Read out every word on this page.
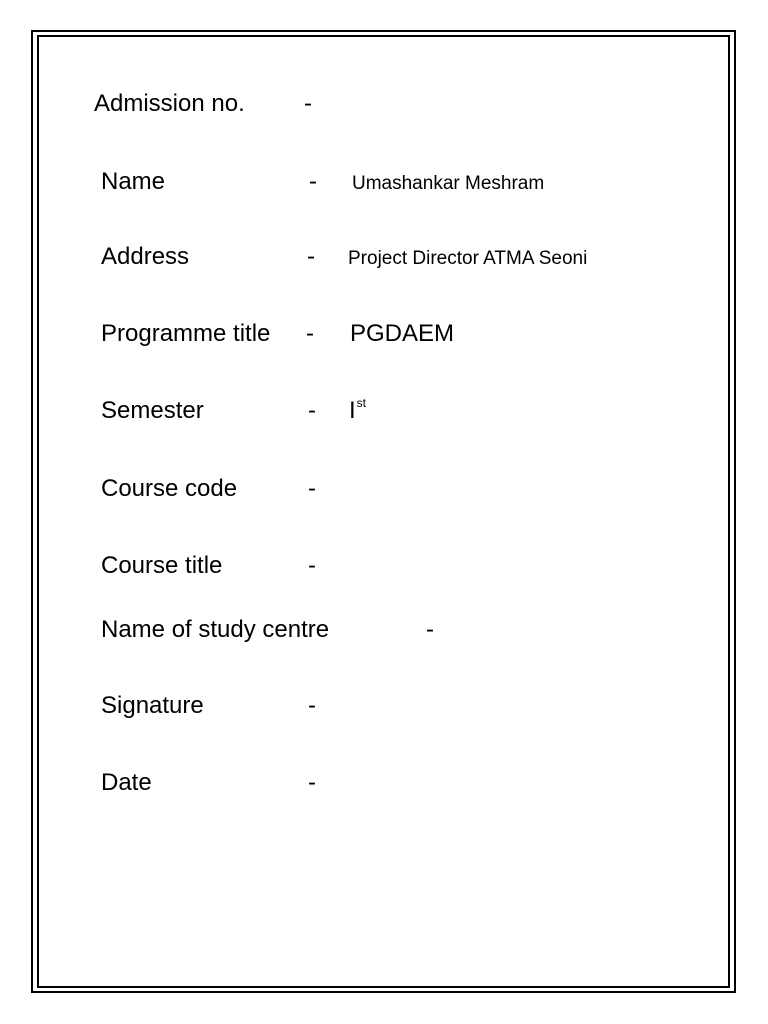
Admission no. -
Name	- Umashankar Meshram
Address	- Project Director ATMA Seoni
Programme title - PGDAEM
Semester	- Ist
Course code	-
Course title	-
Name of study centre	-
Signature	-
Date	-
